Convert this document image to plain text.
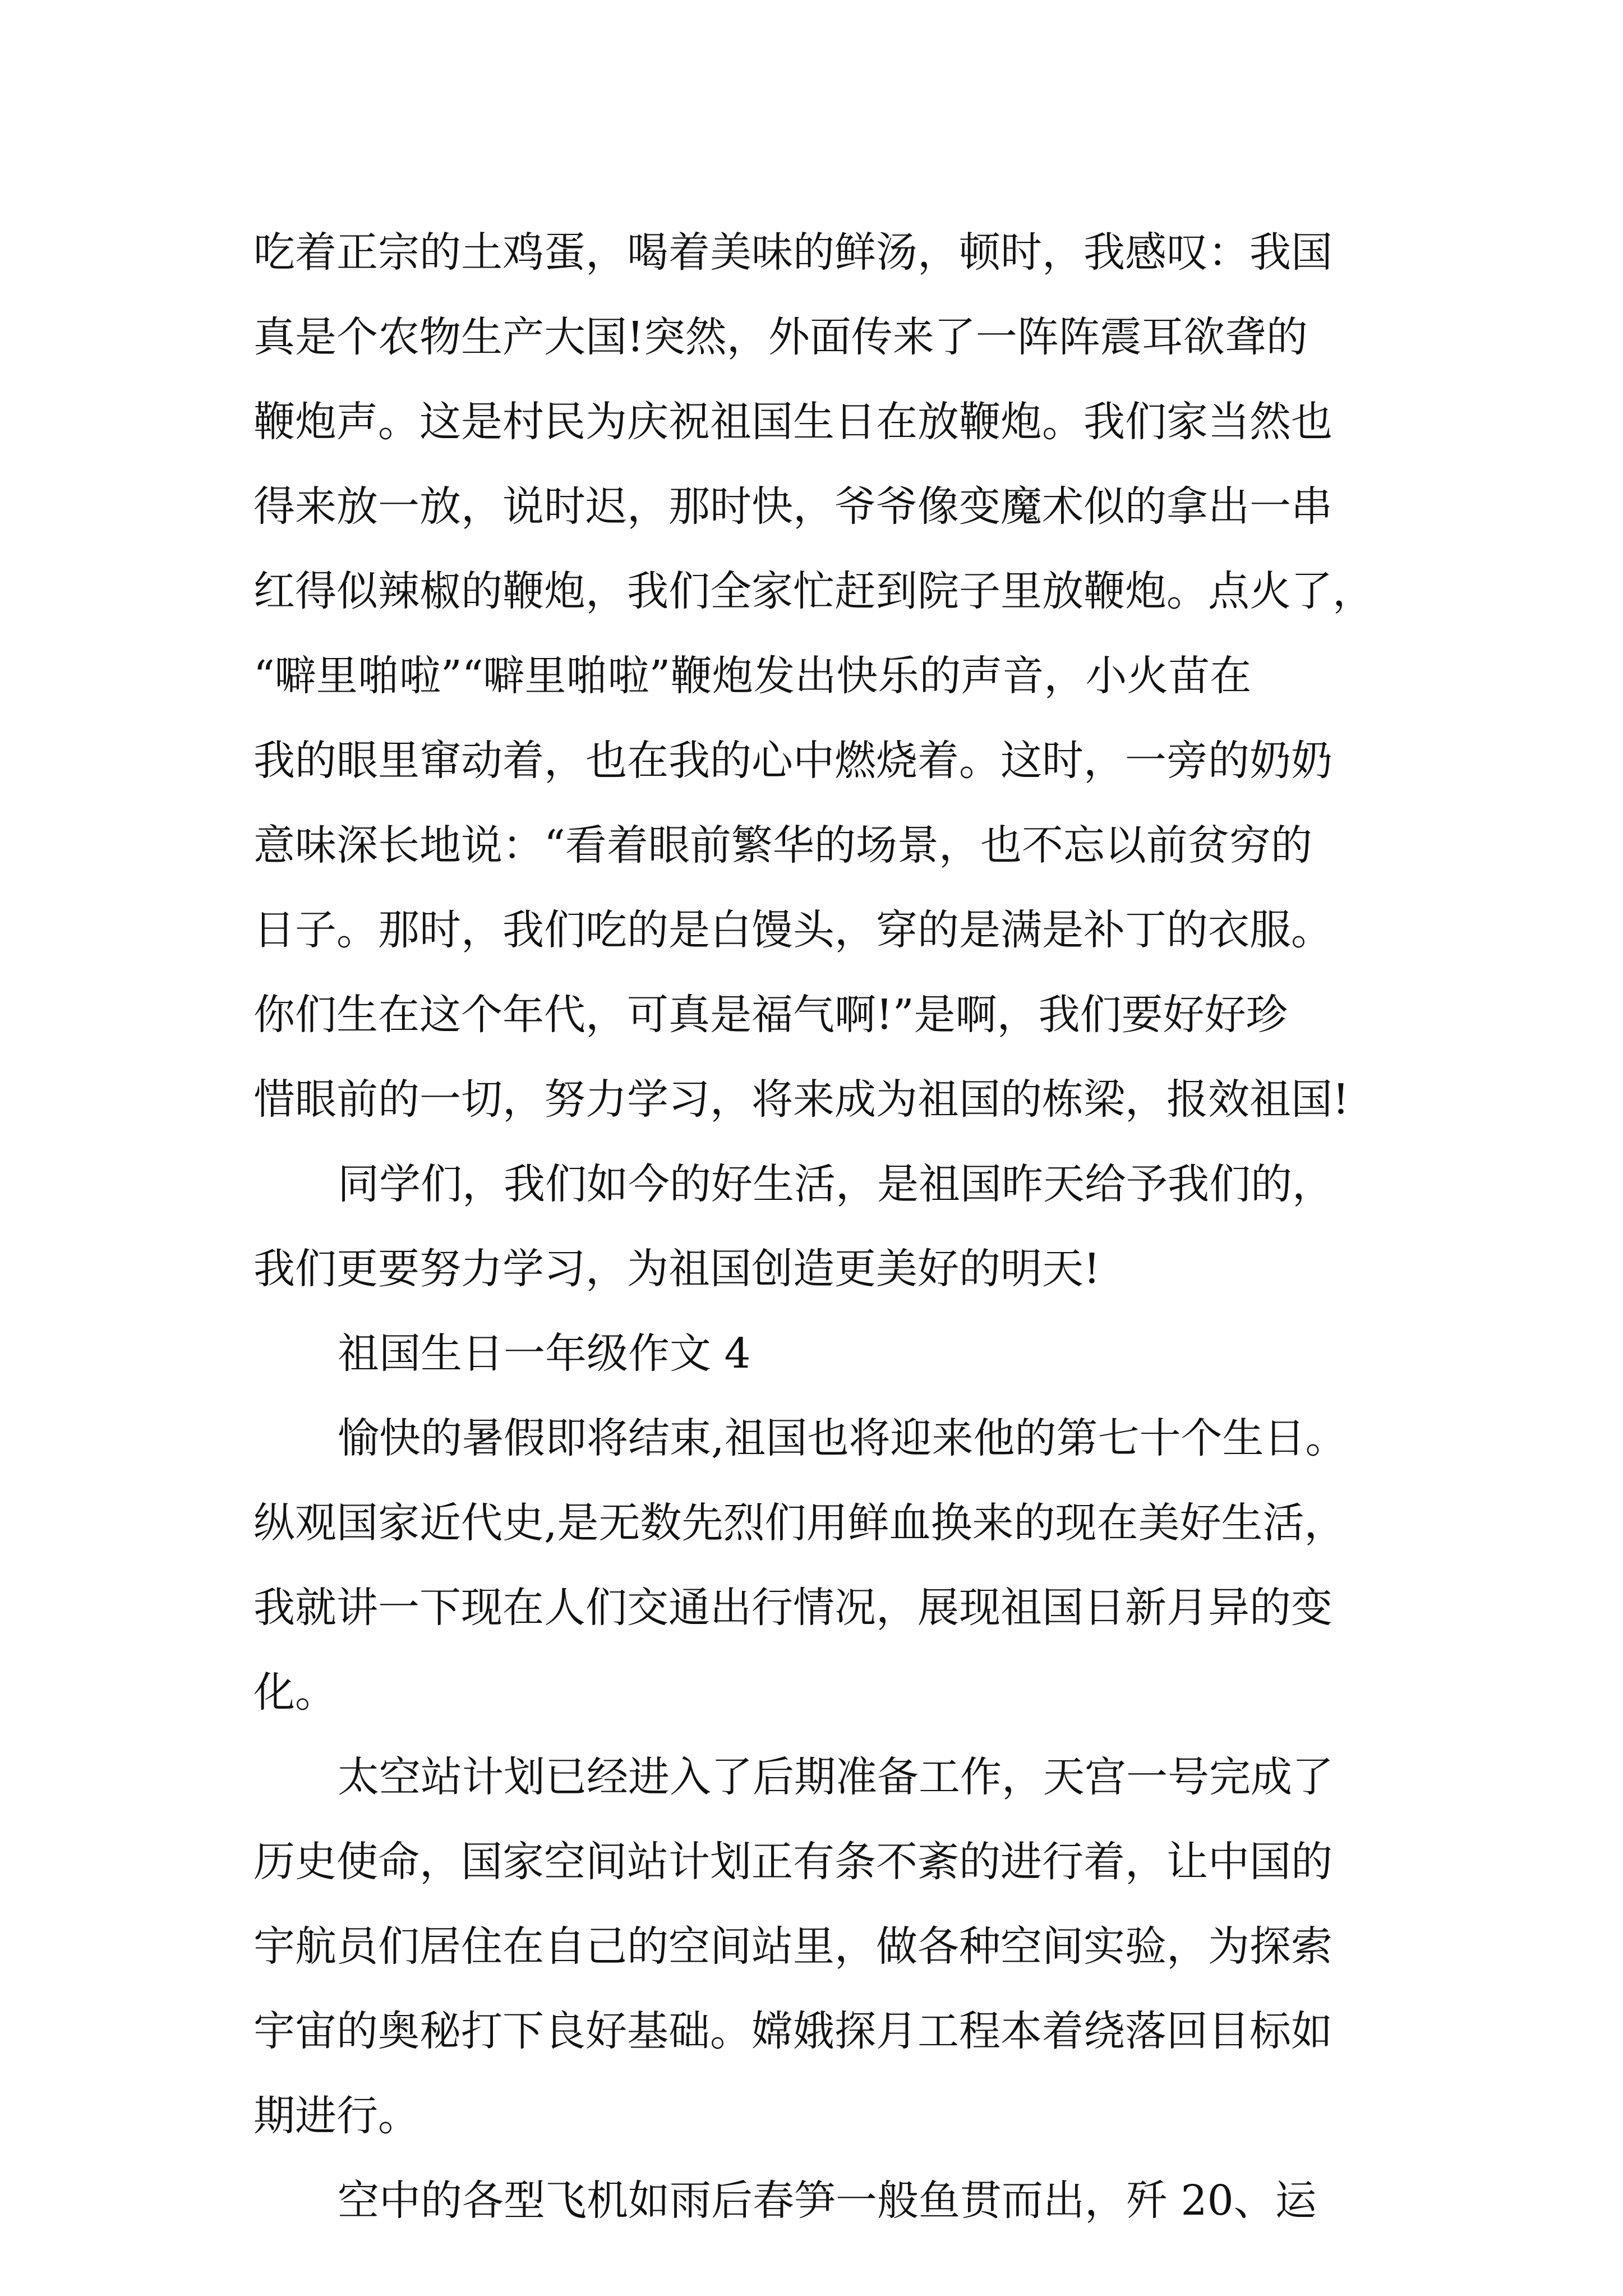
吃着正宗的土鸡蛋，喝着美味的鲜汤，顿时，我感叹：我国
真是个农物生产大国!突然，外面传来了一阵阵震耳欲聋的
鞭炮声。这是村民为庆祝祖国生日在放鞭炮。我们家当然也
得来放一放，说时迟，那时快，爷爷像变魔术似的拿出一串
红得似辣椒的鞭炮，我们全家忙赶到院子里放鞭炮。点火了，
“噼里啪啦”“噼里啪啦”鞭炮发出快乐的声音，小火苗在
我的眼里窜动着，也在我的心中燃烧着。这时，一旁的奶奶
意味深长地说：“看着眼前繁华的场景，也不忘以前贫穷的
日子。那时，我们吃的是白馒头，穿的是满是补丁的衣服。
你们生在这个年代，可真是福气啊!”是啊，我们要好好珍
惜眼前的一切，努力学习，将来成为祖国的栋梁，报效祖国!
同学们，我们如今的好生活，是祖国昨天给予我们的，
我们更要努力学习，为祖国创造更美好的明天!
祖国生日一年级作文 4
愉快的暑假即将结束,祖国也将迎来他的第七十个生日。
纵观国家近代史,是无数先烈们用鲜血换来的现在美好生活，
我就讲一下现在人们交通出行情况，展现祖国日新月异的变
化。
太空站计划已经进入了后期准备工作，天宫一号完成了
历史使命，国家空间站计划正有条不紊的进行着，让中国的
宇航员们居住在自己的空间站里，做各种空间实验，为探索
宇宙的奥秘打下良好基础。嫦娥探月工程本着绕落回目标如
期进行。
空中的各型飞机如雨后春笋一般鱼贯而出，歼 20、运
